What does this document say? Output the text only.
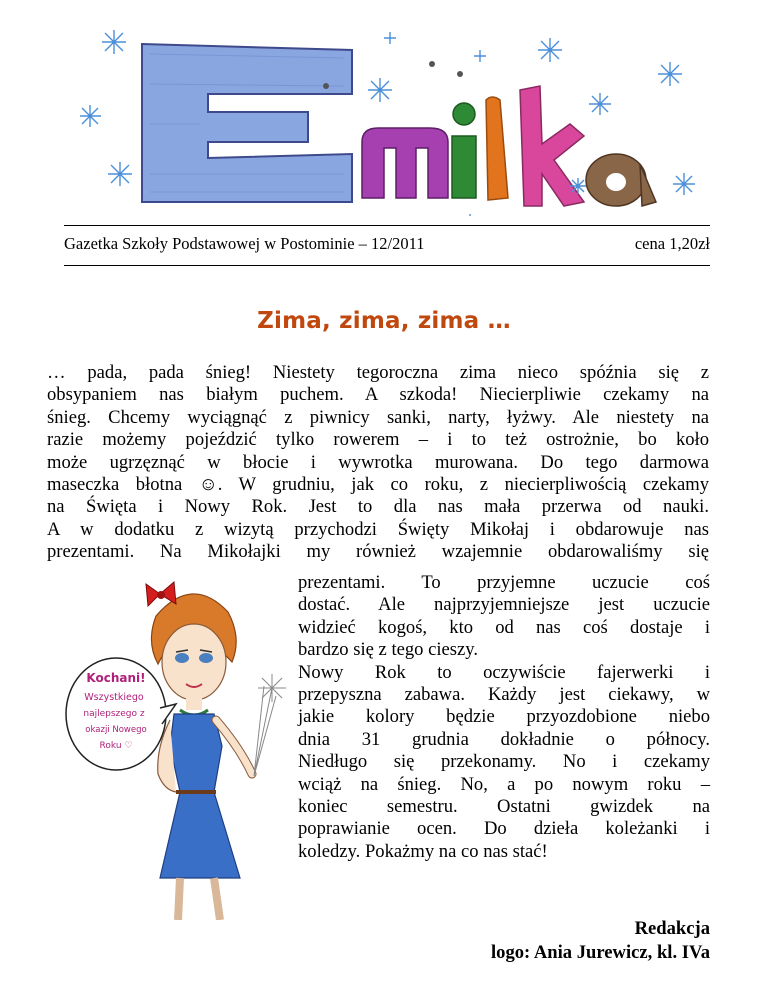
Gazetka Szkoły Podstawowej w Postominie – 12/2011	cena 1,20zł
Zima, zima, zima …
… pada, pada śnieg! Niestety tegoroczna zima nieco spóźnia się z
obsypaniem nas białym puchem. A szkoda! Niecierpliwie czekamy na
śnieg. Chcemy wyciągnąć z piwnicy sanki, narty, łyżwy. Ale niestety na
razie możemy pojeździć tylko rowerem – i to też ostrożnie, bo koło
może ugrzęznąć w błocie i wywrotka murowana. Do tego darmowa
maseczka błotna ☺. W grudniu, jak co roku, z niecierpliwością czekamy
na Święta i Nowy Rok. Jest to dla nas mała przerwa od nauki.
A w dodatku z wizytą przychodzi Święty Mikołaj i obdarowuje nas
prezentami. Na Mikołajki my również wzajemnie obdarowaliśmy się
Kochani!
Wszystkiego
najlepszego z
okazji Nowego
Roku ♡
prezentami. To przyjemne uczucie coś
dostać. Ale najprzyjemniejsze jest uczucie
widzieć kogoś, kto od nas coś dostaje i
bardzo się z tego cieszy.
Nowy Rok to oczywiście fajerwerki i
przepyszna zabawa. Każdy jest ciekawy, w
jakie kolory będzie przyozdobione niebo
dnia 31 grudnia dokładnie o północy.
Niedługo się przekonamy. No i czekamy
wciąż na śnieg. No, a po nowym roku –
koniec semestru. Ostatni gwizdek na
poprawianie ocen. Do dzieła koleżanki i
koledzy. Pokażmy na co nas stać!
Redakcja
logo: Ania Jurewicz, kl. IVa
